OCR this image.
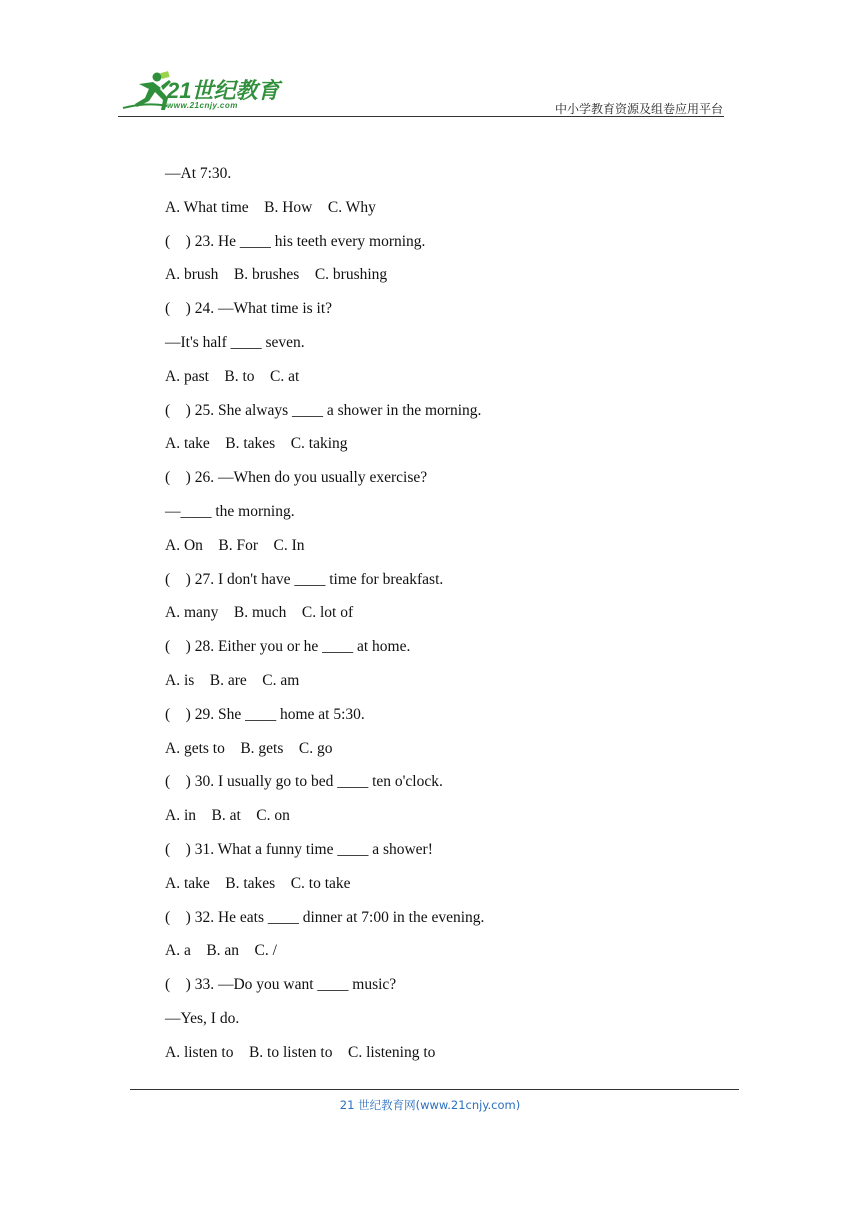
21世纪教育
www.21cnjy.com	中小学教育资源及组卷应用平台
—At 7:30.
A. What time    B. How    C. Why
(    ) 23. He ____ his teeth every morning.
A. brush    B. brushes    C. brushing
(    ) 24. —What time is it?
—It's half ____ seven.
A. past    B. to    C. at
(    ) 25. She always ____ a shower in the morning.
A. take    B. takes    C. taking
(    ) 26. —When do you usually exercise?
—____ the morning.
A. On    B. For    C. In
(    ) 27. I don't have ____ time for breakfast.
A. many    B. much    C. lot of
(    ) 28. Either you or he ____ at home.
A. is    B. are    C. am
(    ) 29. She ____ home at 5:30.
A. gets to    B. gets    C. go
(    ) 30. I usually go to bed ____ ten o'clock.
A. in    B. at    C. on
(    ) 31. What a funny time ____ a shower!
A. take    B. takes    C. to take
(    ) 32. He eats ____ dinner at 7:00 in the evening.
A. a    B. an    C. /
(    ) 33. —Do you want ____ music?
—Yes, I do.
A. listen to    B. to listen to    C. listening to
21 世纪教育网(www.21cnjy.com)
